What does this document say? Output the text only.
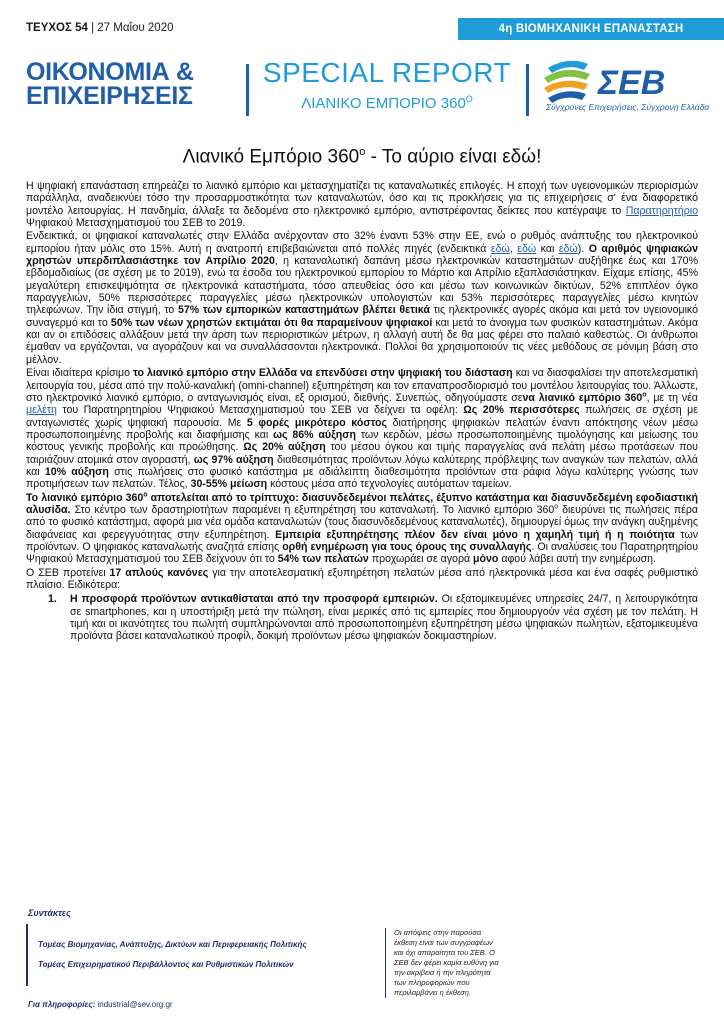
ΤΕΥΧΟΣ 54 | 27 Μαΐου 2020	4η ΒΙΟΜΗΧΑΝΙΚΗ ΕΠΑΝΑΣΤΑΣΗ
ΟΙΚΟΝΟΜΙΑ &
ΕΠΙΧΕΙΡΗΣΕΙΣ
SPECIAL REPORT
ΛΙΑΝΙΚΟ ΕΜΠΟΡΙΟ $360^O$	ΣΕΒ
Σύγχρονες Επιχειρήσεις, Σύγχρονη Ελλάδα
Λιανικό Εμπόριο $360^o$ - Το αύριο είναι εδώ!

Η ψηφιακή επανάσταση επηρεάζει το λιανικό εμπόριο και μετασχηματίζει τις καταναλωτικές επιλογές. Η εποχή των υγειονομικών περιορισμών παράλληλα, αναδεικνύει τόσο την προσαρμοστικότητα των καταναλωτών, όσο και τις προκλήσεις για τις επιχειρήσεις σ' ένα διαφορετικό μοντέλο λειτουργίας. Η πανδημία, άλλαξε τα δεδομένα στο ηλεκτρονικό εμπόριο, αντιστρέφοντας δείκτες που κατέγραψε το Παρατηρητήριο Ψηφιακού Μετασχηματισμού του ΣΕΒ το 2019.

Ενδεικτικά, οι ψηφιακοί καταναλωτές στην Ελλάδα ανέρχονταν στο 32% έναντι 53% στην ΕΕ, ενώ ο ρυθμός ανάπτυξης του ηλεκτρονικού εμπορίου ήταν μόλις στο 15%. Αυτή η ανατροπή επιβεβαιώνεται από πολλές πηγές (ενδεικτικά εδώ, εδώ και εδώ). Ο αριθμός ψηφιακών χρηστών υπερδιπλασιάστηκε τον Απρίλιο 2020, η καταναλωτική δαπάνη μέσω ηλεκτρονικών καταστημάτων αυξήθηκε έως και 170% εβδομαδιαίως (σε σχέση με το 2019), ενώ τα έσοδα του ηλεκτρονικού εμπορίου το Μάρτιο και Απρίλιο εξαπλασιάστηκαν. Είχαμε επίσης, 45% μεγαλύτερη επισκεψιμότητα σε ηλεκτρονικά καταστήματα, τόσο απευθείας όσο και μέσω των κοινωνικών δικτύων, 52% επιπλέον όγκο παραγγελιών, 50% περισσότερες παραγγελίες μέσω ηλεκτρονικών υπολογιστών και 53% περισσότερες παραγγελίες μέσω κινητών τηλεφώνων. Την ίδια στιγμή, το 57% των εμπορικών καταστημάτων βλέπει θετικά τις ηλεκτρονικές αγορές ακόμα και μετά τον υγειονομικό συναγερμό και το 50% των νέων χρηστών εκτιμάται ότι θα παραμείνουν ψηφιακοί και μετά το άνοιγμα των φυσικών καταστημάτων. Ακόμα και αν οι επιδόσεις αλλάξουν μετά την άρση των περιοριστικών μέτρων, η αλλαγή αυτή δε θα μας φέρει στο παλαιό καθεστώς. Οι άνθρωποι έμαθαν να εργάζονται, να αγοράζουν και να συναλλάσσονται ηλεκτρονικά. Πολλοί θα χρησιμοποιούν τις νέες μεθόδους σε μόνιμη βάση στο μέλλον.

Είναι ιδιαίτερα κρίσιμο το λιανικό εμπόριο στην Ελλάδα να επενδύσει στην ψηφιακή του διάσταση και να διασφαλίσει την αποτελεσματική λειτουργία του, μέσα από την πολύ-καναλική (omni-channel) εξυπηρέτηση και τον επαναπροσδιορισμό του μοντέλου λειτουργίας του. Άλλωστε, στο ηλεκτρονικό λιανικό εμπόριο, ο ανταγωνισμός είναι, εξ ορισμού, διεθνής. Συνεπώς, οδηγούμαστε σενα λιανικό εμπόριο $360^o$, με τη νέα μελέτη του Παρατηρητηρίου Ψηφιακού Μετασχηματισμού του ΣΕΒ να δείχνει τα οφέλη: Ως 20% περισσότερες πωλήσεις σε σχέση με ανταγωνιστές χωρίς ψηφιακή παρουσία. Με 5 φορές μικρότερο κόστος διατήρησης ψηφιακών πελατών έναντι απόκτησης νέων μέσω προσωποποιημένης προβολής και διαφήμισης και ως 86% αύξηση των κερδών, μέσω προσωποποιημένης τιμολόγησης και μείωσης του κόστους γενικής προβολής και προώθησης. Ως 20% αύξηση του μέσου όγκου και τιμής παραγγελίας ανά πελάτη μέσω προτάσεων που ταιριάζουν ατομικά στον αγοραστή, ως 97% αύξηση διαθεσιμότητας προϊόντων λόγω καλύτερης πρόβλεψης των αναγκών των πελατών, αλλά και 10% αύξηση στις πωλήσεις στο φυσικό κατάστημα με αδιάλειπτη διαθεσιμότητα προϊόντων στα ράφια λόγω καλύτερης γνώσης των προτιμήσεων των πελατών. Τέλος, 30-55% μείωση κόστους μέσα από τεχνολογίες αυτόματων ταμείων.

Το λιανικό εμπόριο $360^o$ αποτελείται από το τρίπτυχο: διασυνδεδεμένοι πελάτες, έξυπνο κατάστημα και διασυνδεδεμένη εφοδιαστική αλυσίδα. Στο κέντρο των δραστηριοτήτων παραμένει η εξυπηρέτηση του καταναλωτή. Το λιανικό εμπόριο $360^o$ διευρύνει τις πωλήσεις πέρα από το φυσικό κατάστημα, αφορά μια νέα ομάδα καταναλωτών (τους διασυνδεδεμένους καταναλωτές), δημιουργεί όμως την ανάγκη αυξημένης διαφάνειας και φερεγγυότητας στην εξυπηρέτηση. Εμπειρία εξυπηρέτησης πλέον δεν είναι μόνο η χαμηλή τιμή ή η ποιότητα των προϊόντων. Ο ψηφιακός καταναλωτής αναζητά επίσης ορθή ενημέρωση για τους όρους της συναλλαγής. Οι αναλύσεις του Παρατηρητηρίου Ψηφιακού Μετασχηματισμού του ΣΕΒ δείχνουν ότι το 54% των πελατών προχωράει σε αγορά μόνο αφού λάβει αυτή την ενημέρωση.

Ο ΣΕΒ προτείνει 17 απλούς κανόνες για την αποτελεσματική εξυπηρέτηση πελατών μέσα από ηλεκτρονικά μέσα και ένα σαφές ρυθμιστικό πλαίσιο. Ειδικότερα:

1. Η προσφορά προϊόντων αντικαθίσταται από την προσφορά εμπειριών. Οι εξατομικευμένες υπηρεσίες 24/7, η λειτουργικότητα σε smartphones, και η υποστήριξη μετά την πώληση, είναι μερικές από τις εμπειρίες που δημιουργούν νέα σχέση με τον πελάτη. Η τιμή και οι ικανότητες του πωλητή συμπληρώνονται από προσωποποιημένη εξυπηρέτηση μέσω ψηφιακών πωλητών, εξατομικευμένα προϊόντα βάσει καταναλωτικού προφίλ, δοκιμή προϊόντων μέσω ψηφιακών δοκιμαστηρίων.
Συντάκτες
Τομέας Βιομηχανίας, Ανάπτυξης, Δικτύων και Περιφερειακής Πολιτικής
Τομέας Επιχειρηματικού Περιβάλλοντος και Ρυθμιστικών Πολιτικών
Για πληροφορίες: industrial@sev.org.gr
Οι απόψεις στην παρούσα έκθεση είναι των συγγραφέων και όχι απαραίτητα του ΣΕΒ. Ο ΣΕΒ δεν φέρει καμία ευθύνη για την ακρίβεια ή την πληρότητα των πληροφοριών που περιλαμβάνει η έκθεση.
